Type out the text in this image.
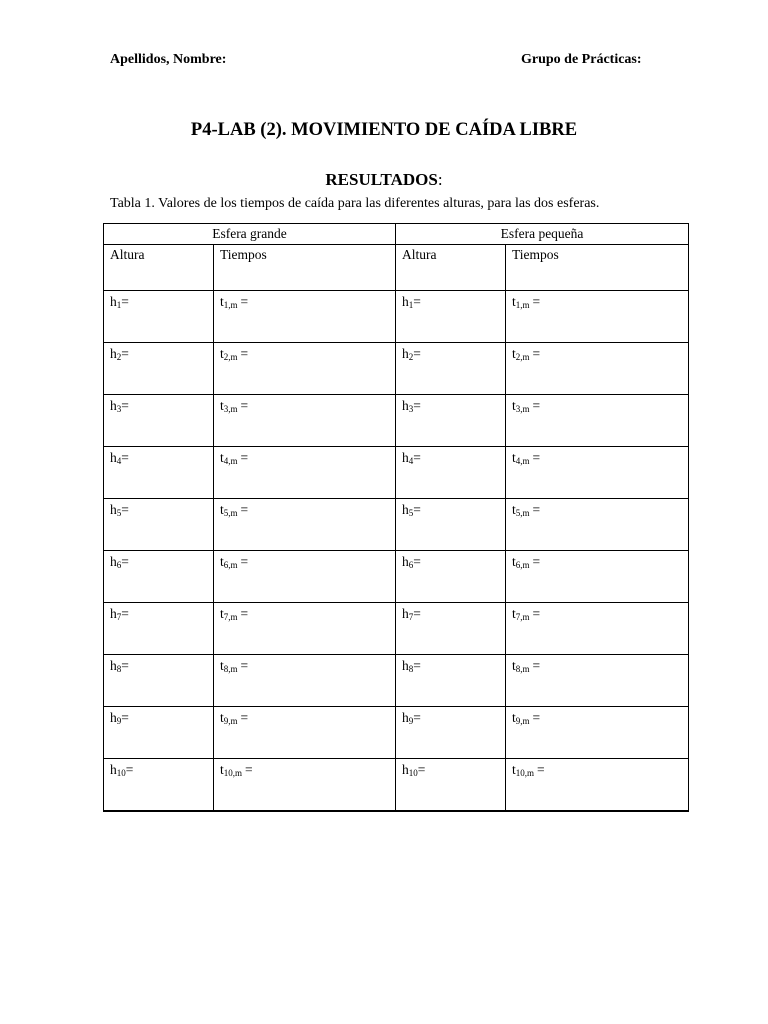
Apellidos, Nombre:	Grupo de Prácticas:
P4-LAB (2). MOVIMIENTO DE CAÍDA LIBRE
RESULTADOS:
Tabla 1. Valores de los tiempos de caída para las diferentes alturas, para las dos esferas.
Esfera grande		Esfera pequeña	
Altura	Tiempos	Altura	Tiempos
$h_1=$	$t_{1,m}$ =	$h_1=$	$t_{1,m}$ =
$h_2=$	$t_{2,m}$ =	$h_2=$	$t_{2,m}$ =
$h_3=$	$t_{3,m}$ =	$h_3=$	$t_{3,m}$ =
$h_4=$	$t_{4,m}$ =	$h_4=$	$t_{4,m}$ =
$h_5=$	$t_{5,m}$ =	$h_5=$	$t_{5,m}$ =
$h_6=$	$t_{6,m}$ =	$h_6=$	$t_{6,m}$ =
$h_7=$	$t_{7,m}$ =	$h_7=$	$t_{7,m}$ =
$h_8=$	$t_{8,m}$ =	$h_8=$	$t_{8,m}$ =
$h_9=$	$t_{9,m}$ =	$h_9=$	$t_{9,m}$ =
$h_{10}=$	$t_{10,m}$ =	$h_{10}=$	$t_{10,m}$ =
